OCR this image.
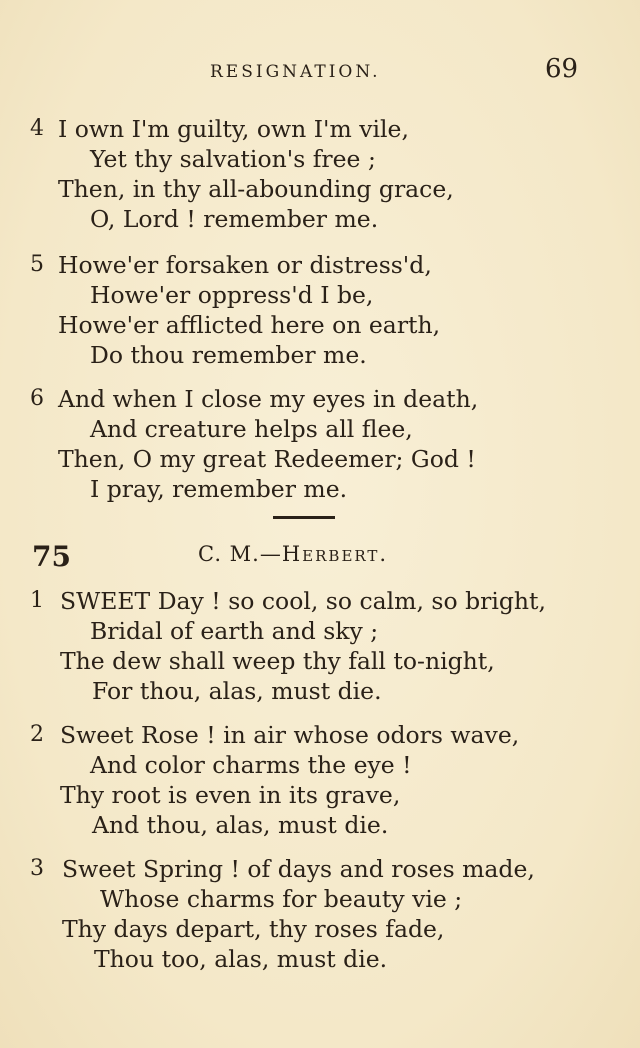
RESIGNATION.	69
4 I own I'm guilty, own I'm vile,
Yet thy salvation's free ;
Then, in thy all-abounding grace,
O, Lord ! remember me.
5 Howe'er forsaken or distress'd,
Howe'er oppress'd I be,
Howe'er afflicted here on earth,
Do thou remember me.
6 And when I close my eyes in death,
And creature helps all flee,
Then, O my great Redeemer; God !
I pray, remember me.
75	C. M.—Herbert.
1 SWEET Day ! so cool, so calm, so bright,
Bridal of earth and sky ;
The dew shall weep thy fall to-night,
For thou, alas, must die.
2 Sweet Rose ! in air whose odors wave,
And color charms the eye !
Thy root is even in its grave,
And thou, alas, must die.
3 Sweet Spring ! of days and roses made,
Whose charms for beauty vie ;
Thy days depart, thy roses fade,
Thou too, alas, must die.
